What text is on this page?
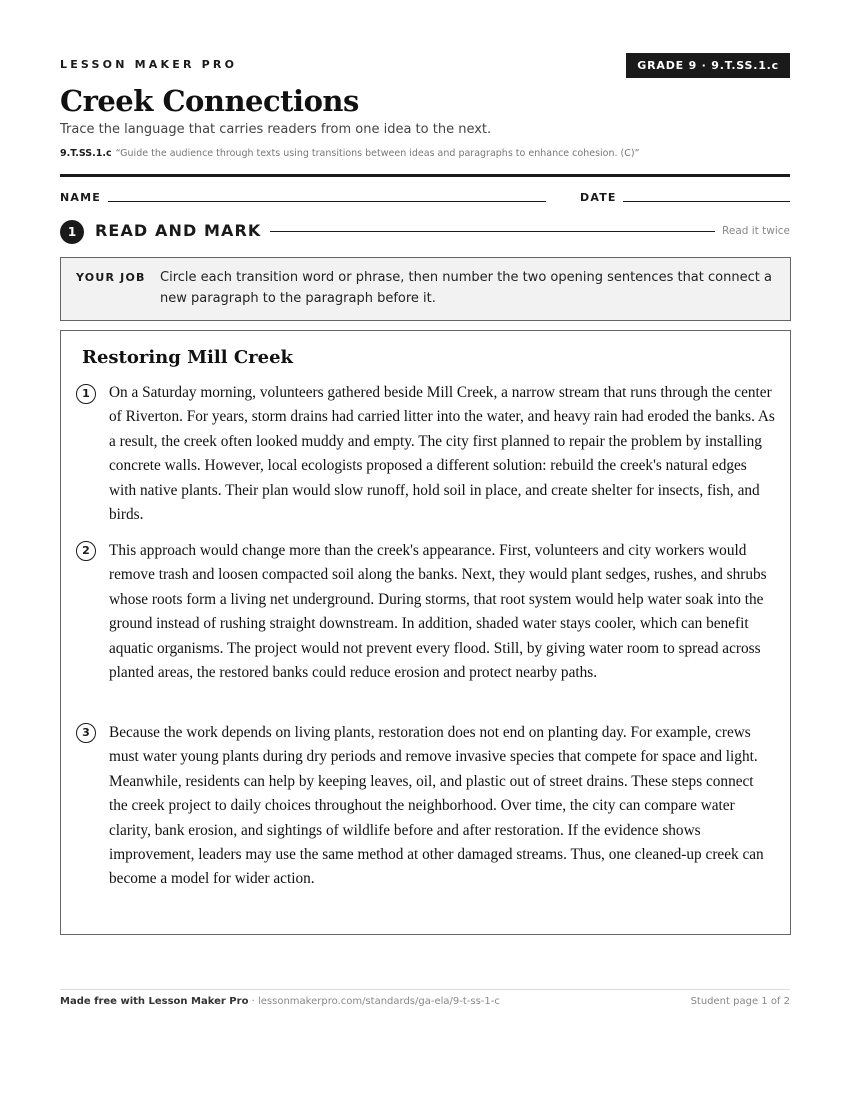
LESSON MAKER PRO	GRADE 9 · 9.T.SS.1.c
Creek Connections
Trace the language that carries readers from one idea to the next.
9.T.SS.1.c “Guide the audience through texts using transitions between ideas and paragraphs to enhance cohesion. (C)”
NAME	DATE
1	READ AND MARK	Read it twice
YOUR JOB Circle each transition word or phrase, then number the two opening sentences that connect a new paragraph to the paragraph before it.
Restoring Mill Creek
1	On a Saturday morning, volunteers gathered beside Mill Creek, a narrow stream that runs through the center of Riverton. For years, storm drains had carried litter into the water, and heavy rain had eroded the banks. As a result, the creek often looked muddy and empty. The city first planned to repair the problem by installing concrete walls. However, local ecologists proposed a different solution: rebuild the creek's natural edges with native plants. Their plan would slow runoff, hold soil in place, and create shelter for insects, fish, and birds.
2	This approach would change more than the creek's appearance. First, volunteers and city workers would remove trash and loosen compacted soil along the banks. Next, they would plant sedges, rushes, and shrubs whose roots form a living net underground. During storms, that root system would help water soak into the ground instead of rushing straight downstream. In addition, shaded water stays cooler, which can benefit aquatic organisms. The project would not prevent every flood. Still, by giving water room to spread across planted areas, the restored banks could reduce erosion and protect nearby paths.
3	Because the work depends on living plants, restoration does not end on planting day. For example, crews must water young plants during dry periods and remove invasive species that compete for space and light. Meanwhile, residents can help by keeping leaves, oil, and plastic out of street drains. These steps connect the creek project to daily choices throughout the neighborhood. Over time, the city can compare water clarity, bank erosion, and sightings of wildlife before and after restoration. If the evidence shows improvement, leaders may use the same method at other damaged streams. Thus, one cleaned-up creek can become a model for wider action.
Made free with Lesson Maker Pro · lessonmakerpro.com/standards/ga-ela/9-t-ss-1-c	Student page 1 of 2
